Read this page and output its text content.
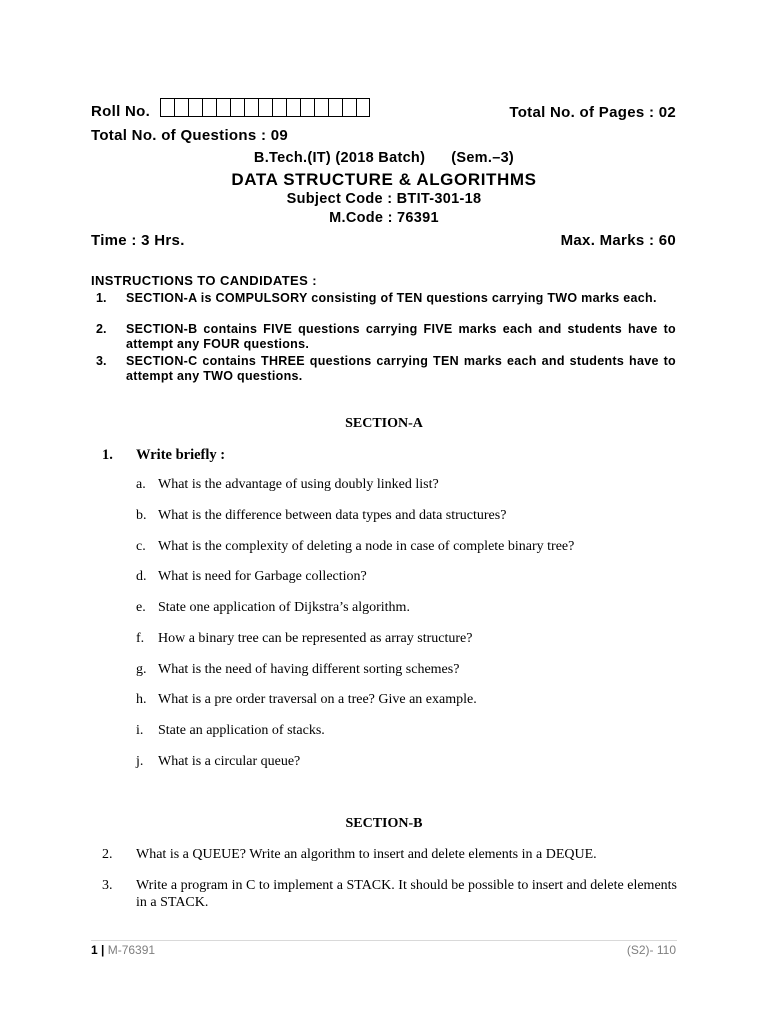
Roll No.	Total No. of Pages : 02
Total No. of Questions : 09
B.Tech.(IT) (2018 Batch) (Sem.–3)
DATA STRUCTURE & ALGORITHMS
Subject Code : BTIT-301-18
M.Code : 76391
Time : 3 Hrs.	Max. Marks : 60
INSTRUCTIONS TO CANDIDATES :
1.	SECTION-A is COMPULSORY consisting of TEN questions carrying TWO marks each.
2.	SECTION-B contains FIVE questions carrying FIVE marks each and students have to attempt any FOUR questions.
3.	SECTION-C contains THREE questions carrying TEN marks each and students have to attempt any TWO questions.
SECTION-A
1. Write briefly :
a. What is the advantage of using doubly linked list?
b. What is the difference between data types and data structures?
c. What is the complexity of deleting a node in case of complete binary tree?
d. What is need for Garbage collection?
e. State one application of Dijkstra’s algorithm.
f. How a binary tree can be represented as array structure?
g. What is the need of having different sorting schemes?
h. What is a pre order traversal on a tree? Give an example.
i.	State an application of stacks.
j.	What is a circular queue?
SECTION-B
2.	What is a QUEUE? Write an algorithm to insert and delete elements in a DEQUE.
3.	Write a program in C to implement a STACK. It should be possible to insert and delete elements in a STACK.
1 | M-76391	(S2)- 110
